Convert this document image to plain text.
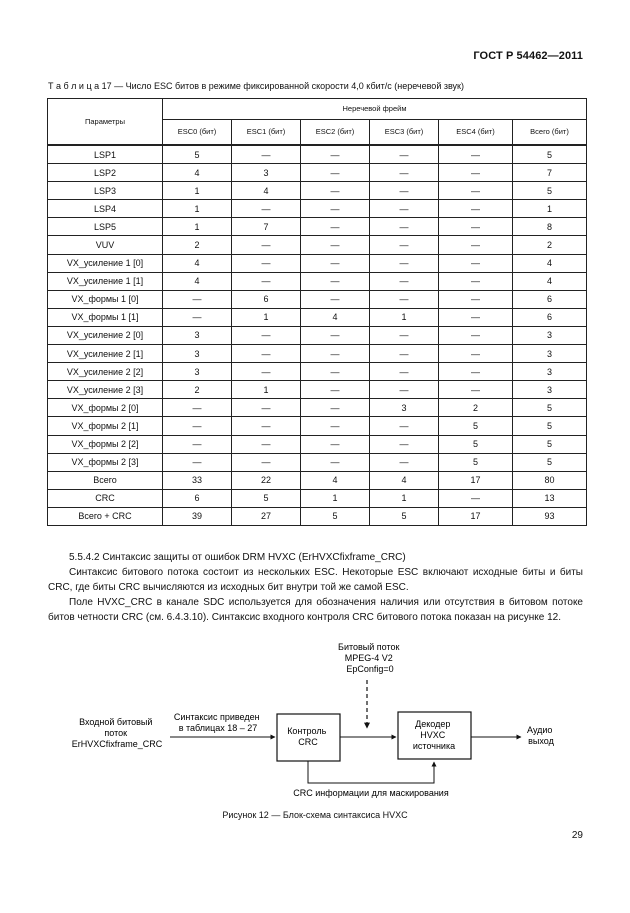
ГОСТ Р 54462—2011
Т а б л и ц а 17 — Число ESC битов в режиме фиксированной скорости 4,0 кбит/с (неречевой звук)
Параметры	Неречевой фрейм					
	ESC0 (бит)	ESC1 (бит)	ESC2 (бит)	ESC3 (бит)	ESC4 (бит)	Всего (бит)
LSP1	5	—	—	—	—	5
LSP2	4	3	—	—	—	7
LSP3	1	4	—	—	—	5
LSP4	1	—	—	—	—	1
LSP5	1	7	—	—	—	8
VUV	2	—	—	—	—	2
VX_усиление 1 [0]	4	—	—	—	—	4
VX_усиление 1 [1]	4	—	—	—	—	4
VX_формы 1 [0]	—	6	—	—	—	6
VX_формы 1 [1]	—	1	4	1	—	6
VX_усиление 2 [0]	3	—	—	—	—	3
VX_усиление 2 [1]	3	—	—	—	—	3
VX_усиление 2 [2]	3	—	—	—	—	3
VX_усиление 2 [3]	2	1	—	—	—	3
VX_формы 2 [0]	—	—	—	3	2	5
VX_формы 2 [1]	—	—	—	—	5	5
VX_формы 2 [2]	—	—	—	—	5	5
VX_формы 2 [3]	—	—	—	—	5	5
Всего	33	22	4	4	17	80
CRC	6	5	1	1	—	13
Всего + CRC	39	27	5	5	17	93

5.5.4.2 Синтаксис защиты от ошибок DRM HVXC (ErHVXCfixframe_CRC)

Синтаксис битового потока состоит из нескольких ESC. Некоторые ESC включают исходные биты и биты CRC, где биты CRC вычисляются из исходных бит внутри той же самой ESC.

Поле HVXC_CRC в канале SDC используется для обозначения наличия или отсутствия в битовом потоке битов четности CRC (см. 6.4.3.10). Синтаксис входного контроля CRC битового потока показан на рисунке 12.

Битовый поток MPEG-4 V2 EpConfig=0
Входной битовый поток ErHVXCfixframe_CRC
Синтаксис приведен в таблицах 18 – 27	Контроль CRC
Декодер HVXC источника
Аудио выход
CRC информации для маскирования
Рисунок 12 — Блок-схема синтаксиса HVXC
29
